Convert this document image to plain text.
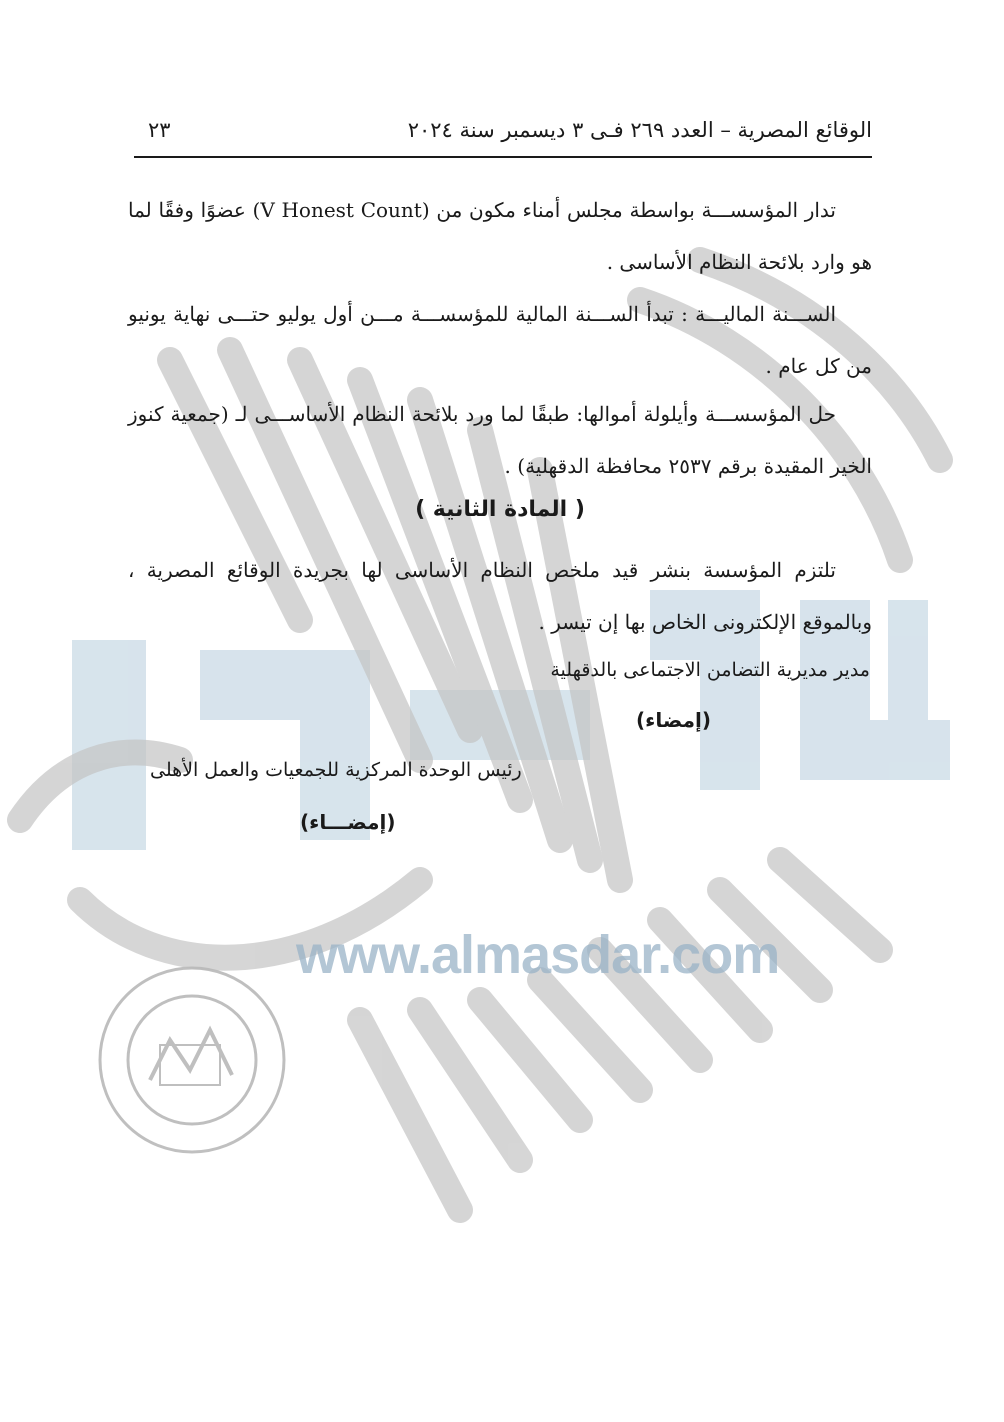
www.almasdar.com
الوقائع المصرية – العدد ٢٦٩ فـى ٣ ديسمبر سنة ٢٠٢٤
٢٣

تدار المؤسســـة بواسطة مجلس أمناء مكون من (V Honest Count) عضوًا وفقًا لما هو وارد بلائحة النظام الأساسى .

الســـنة الماليـــة : تبدأ الســـنة المالية للمؤسســـة مـــن أول يوليو حتـــى نهاية يونيو من كل عام .

حل المؤسســـة وأيلولة أموالها: طبقًا لما ورد بلائحة النظام الأساســـى لـ (جمعية كنوز الخير المقيدة برقم ٢٥٣٧ محافظة الدقهلية) .

( المادة الثانية )

تلتزم المؤسسة بنشر قيد ملخص النظام الأساسى لها بجريدة الوقائع المصرية ، وبالموقع الإلكترونى الخاص بها إن تيسر .

مدير مديرية التضامن الاجتماعى بالدقهلية
(إمضاء)
رئيس الوحدة المركزية للجمعيات والعمل الأهلى
(إمضـــاء)
